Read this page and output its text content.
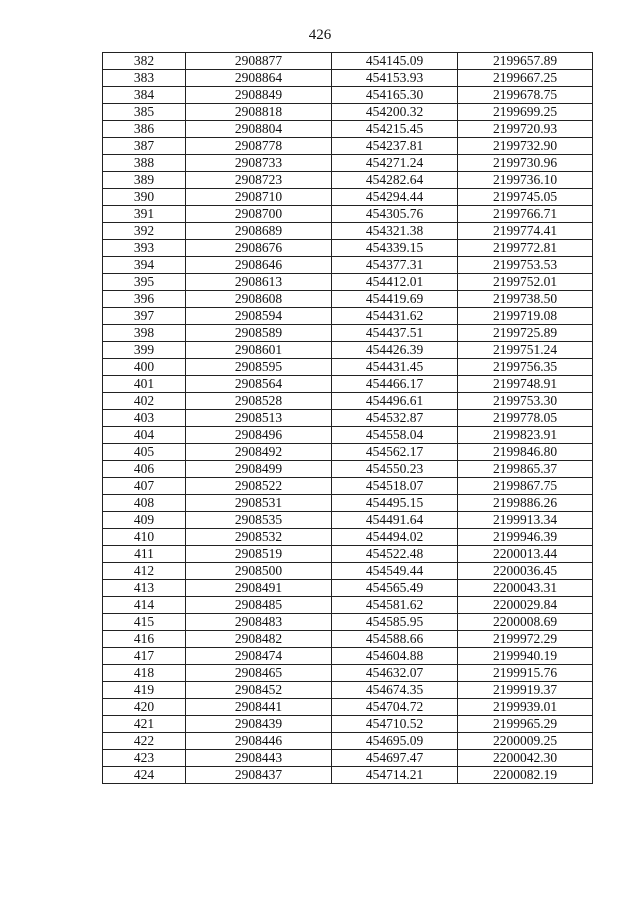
426
382	2908877	454145.09	2199657.89
383	2908864	454153.93	2199667.25
384	2908849	454165.30	2199678.75
385	2908818	454200.32	2199699.25
386	2908804	454215.45	2199720.93
387	2908778	454237.81	2199732.90
388	2908733	454271.24	2199730.96
389	2908723	454282.64	2199736.10
390	2908710	454294.44	2199745.05
391	2908700	454305.76	2199766.71
392	2908689	454321.38	2199774.41
393	2908676	454339.15	2199772.81
394	2908646	454377.31	2199753.53
395	2908613	454412.01	2199752.01
396	2908608	454419.69	2199738.50
397	2908594	454431.62	2199719.08
398	2908589	454437.51	2199725.89
399	2908601	454426.39	2199751.24
400	2908595	454431.45	2199756.35
401	2908564	454466.17	2199748.91
402	2908528	454496.61	2199753.30
403	2908513	454532.87	2199778.05
404	2908496	454558.04	2199823.91
405	2908492	454562.17	2199846.80
406	2908499	454550.23	2199865.37
407	2908522	454518.07	2199867.75
408	2908531	454495.15	2199886.26
409	2908535	454491.64	2199913.34
410	2908532	454494.02	2199946.39
411	2908519	454522.48	2200013.44
412	2908500	454549.44	2200036.45
413	2908491	454565.49	2200043.31
414	2908485	454581.62	2200029.84
415	2908483	454585.95	2200008.69
416	2908482	454588.66	2199972.29
417	2908474	454604.88	2199940.19
418	2908465	454632.07	2199915.76
419	2908452	454674.35	2199919.37
420	2908441	454704.72	2199939.01
421	2908439	454710.52	2199965.29
422	2908446	454695.09	2200009.25
423	2908443	454697.47	2200042.30
424	2908437	454714.21	2200082.19
